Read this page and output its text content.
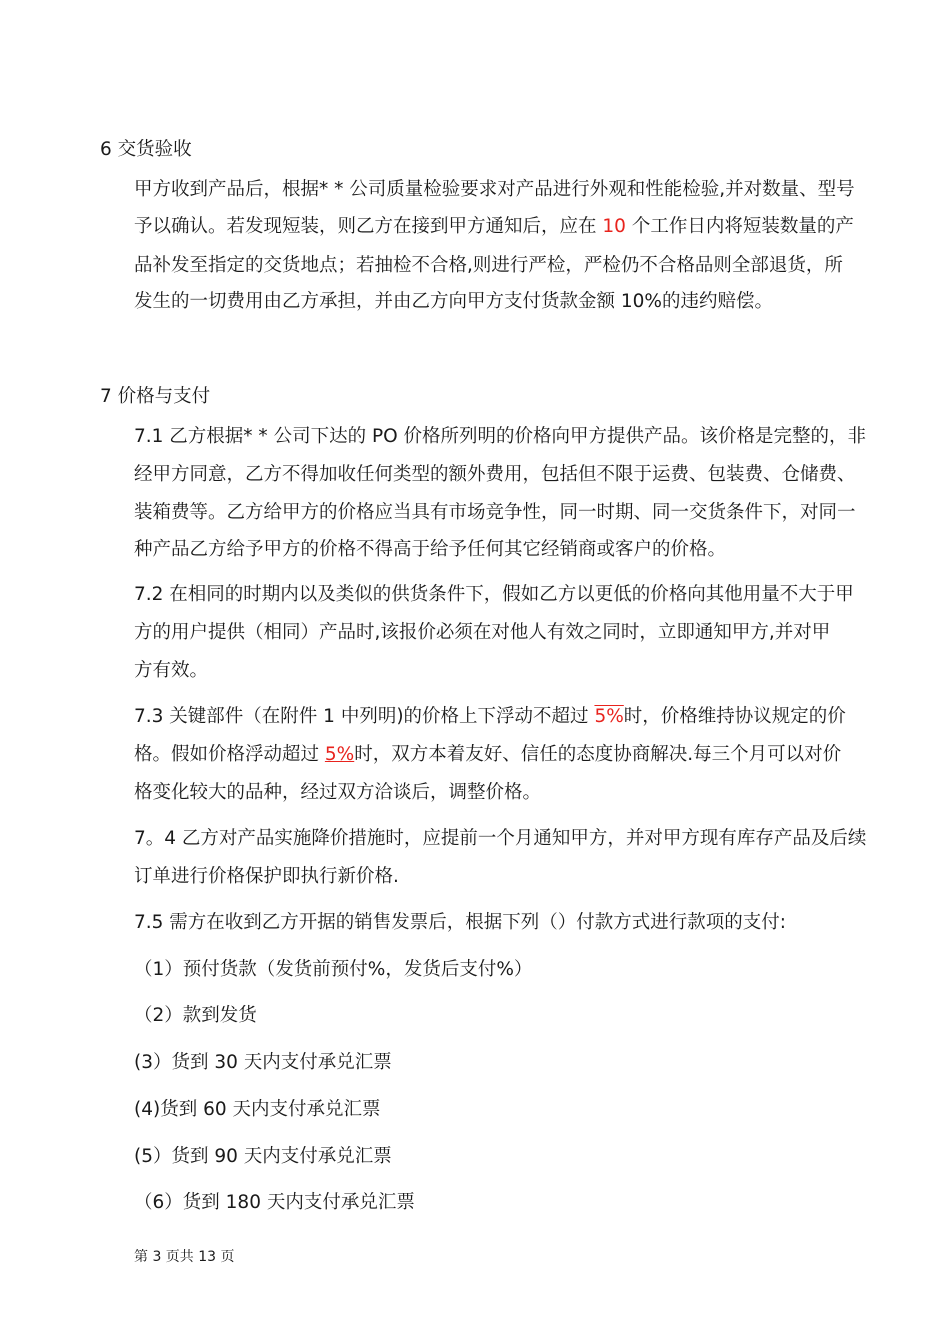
6 交货验收
甲方收到产品后，根据* * 公司质量检验要求对产品进行外观和性能检验,并对数量、型号
予以确认。若发现短装，则乙方在接到甲方通知后，应在 10 个工作日内将短装数量的产
品补发至指定的交货地点；若抽检不合格,则进行严检，严检仍不合格品则全部退货，所
发生的一切费用由乙方承担，并由乙方向甲方支付货款金额 10%的违约赔偿。
7 价格与支付
7.1 乙方根据* * 公司下达的 PO 价格所列明的价格向甲方提供产品。该价格是完整的，非
经甲方同意，乙方不得加收任何类型的额外费用，包括但不限于运费、包装费、仓储费、
装箱费等。乙方给甲方的价格应当具有市场竞争性，同一时期、同一交货条件下，对同一
种产品乙方给予甲方的价格不得高于给予任何其它经销商或客户的价格。
7.2 在相同的时期内以及类似的供货条件下，假如乙方以更低的价格向其他用量不大于甲
方的用户提供（相同）产品时,该报价必须在对他人有效之同时，立即通知甲方,并对甲
方有效。
7.3 关键部件（在附件 1 中列明)的价格上下浮动不超过 5%时，价格维持协议规定的价
格。假如价格浮动超过 5%时，双方本着友好、信任的态度协商解决.每三个月可以对价
格变化较大的品种，经过双方洽谈后，调整价格。
7。4 乙方对产品实施降价措施时，应提前一个月通知甲方，并对甲方现有库存产品及后续
订单进行价格保护即执行新价格.
7.5 需方在收到乙方开据的销售发票后，根据下列（）付款方式进行款项的支付:
（1）预付货款（发货前预付%，发货后支付%）
（2）款到发货
(3）货到 30 天内支付承兑汇票
(4)货到 60 天内支付承兑汇票
(5）货到 90 天内支付承兑汇票
（6）货到 180 天内支付承兑汇票
第 3 页共 13 页
